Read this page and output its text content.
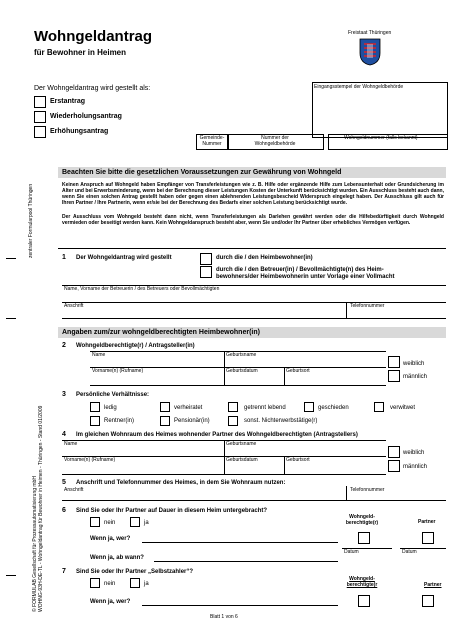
Wohngeldantrag
für Bewohner in Heimen
Freistaat Thüringen
Der Wohngeldantrag wird gestellt als:	Eingangsstempel der Wohngeldbehörde
Erstantrag
Wiederholungsantrag
Erhöhungsantrag
Gemeinde-
Nummer
Nummer der
Wohngeldbehörde
Wohngeldnummer (falls bekannt)
Beachten Sie bitte die gesetzlichen Voraussetzungen zur Gewährung von Wohngeld
Keinen Anspruch auf Wohngeld haben Empfänger von Transferleistungen wie z. B. Hilfe oder ergänzende Hilfe zum Lebensunterhalt oder Grundsicherung im Alter und bei Erwerbsminderung, wenn bei der Berechnung dieser Leistungen Kosten der Unterkunft berücksichtigt wurden. Ein Ausschluss besteht auch dann, wenn Sie einen solchen Antrag gestellt haben oder gegen einen ablehnenden Leistungsbescheid Widerspruch eingelegt haben. Der Ausschluss gilt auch für Ihren Partner / Ihre Partnerin, wenn er/sie bei der Berechnung des Bedarfs einer solchen Leistung berücksichtigt wurde.
Der Ausschluss vom Wohngeld besteht dann nicht, wenn Transferleistungen als Darlehen gewährt werden oder die Hilfebedürftigkeit durch Wohngeld vermieden oder beseitigt werden kann. Kein Wohngeldanspruch besteht aber, wenn Sie und/oder Ihr Partner über erhebliches Vermögen verfügen.
1 Der Wohngeldantrag wird gestellt	durch die / den Heimbewohner(in)
durch die / den Betreuer(in) / Bevollmächtigte(n) des Heim-
bewohners/der Heimbewohnerin unter Vorlage einer Vollmacht
Name, Vorname der Betreuerin / des Betreuers oder Bevollmächtigten
Anschrift	Telefonnummer
Angaben zum/zur wohngeldberechtigten Heimbewohner(in)
2 Wohngeldberechtigte(r) / Antragsteller(in)
Name	Geburtsname
Vorname(n) (Rufname)	Geburtsdatum	Geburtsort
weiblich
männlich
3 Persönliche Verhältnisse:
ledig	verheiratet	getrennt lebend	geschieden	verwitwet
Rentner(in)	Pensionär(in)	sonst. Nichterwerbstätige(r)
4 Im gleichen Wohnraum des Heimes wohnender Partner des Wohngeldberechtigten (Antragstellers)
Name	Geburtsname
Vorname(n) (Rufname)	Geburtsdatum	Geburtsort
weiblich
männlich
5 Anschrift und Telefonnummer des Heimes, in dem Sie Wohnraum nutzen:
Anschrift	Telefonnummer
6 Sind Sie oder Ihr Partner auf Dauer in diesem Heim untergebracht?
nein	ja
Wohngeld-
berechtigte(r)	Partner
Wenn ja, wer?
Datum	Datum
Wenn ja, ab wann?
7 Sind Sie oder Ihr Partner „Selbstzahler“?
nein	ja
Wohngeld-
berechtigte(r	Partner
Wenn ja, wer?
Blatt 1 von 6
zentraler Formularpool Thüringen
© FORMULAB Gesellschaft für Prozessautomatisierung mbH
WOHNG-93H-DE-TL - Wohngeldantrag für Bewohner in Heimen - Thüringen - Stand 01/2009
